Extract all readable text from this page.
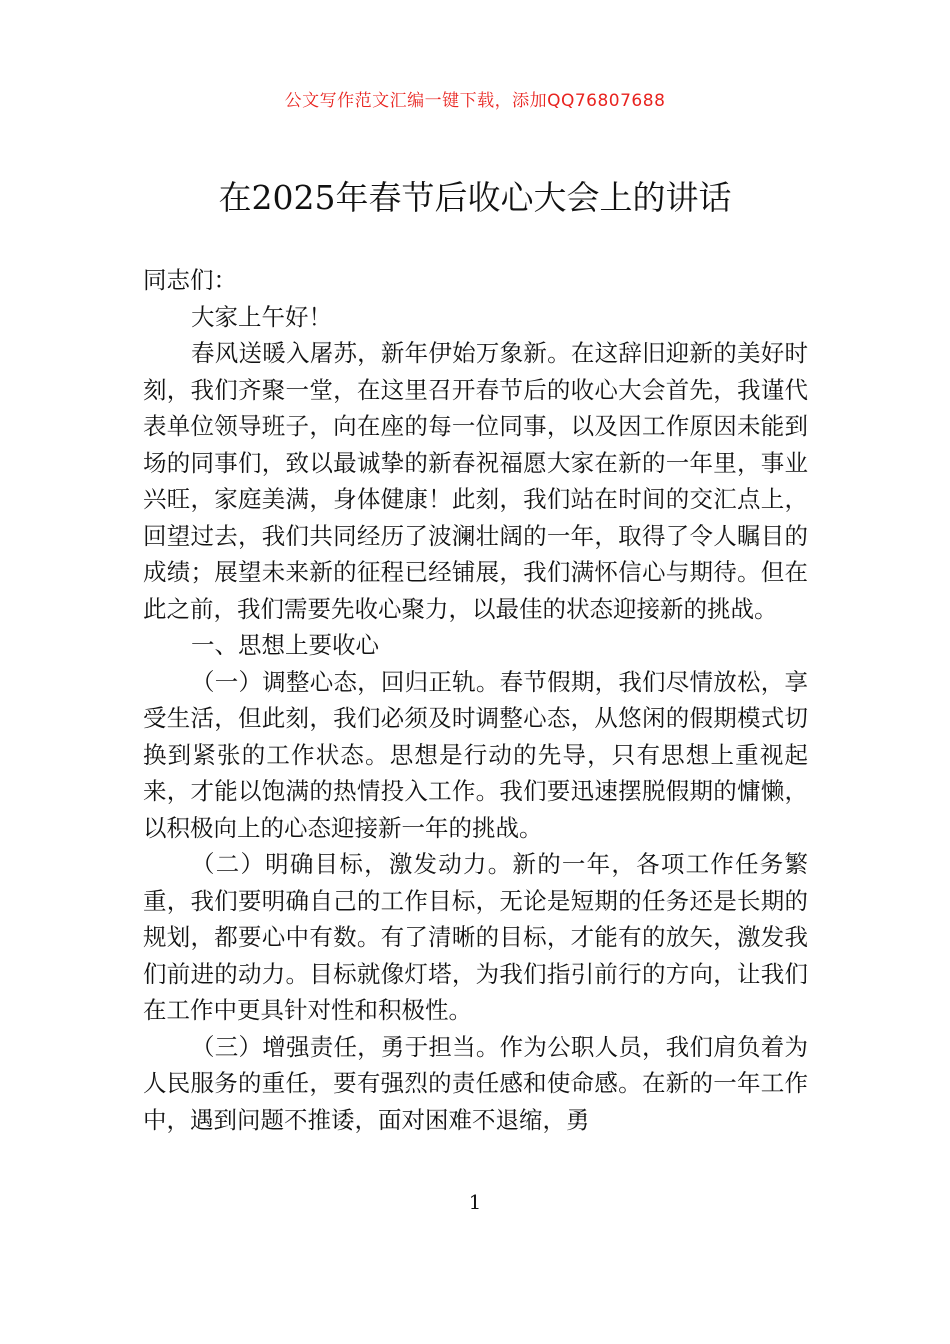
公文写作范文汇编一键下载，添加QQ76807688
在2025年春节后收心大会上的讲话

同志们：

大家上午好！

春风送暖入屠苏，新年伊始万象新。在这辞旧迎新的美好时刻，我们齐聚一堂，在这里召开春节后的收心大会首先，我谨代表单位领导班子，向在座的每一位同事，以及因工作原因未能到场的同事们，致以最诚挚的新春祝福愿大家在新的一年里，事业兴旺，家庭美满，身体健康！此刻，我们站在时间的交汇点上，回望过去，我们共同经历了波澜壮阔的一年，取得了令人瞩目的成绩；展望未来新的征程已经铺展，我们满怀信心与期待。但在此之前，我们需要先收心聚力，以最佳的状态迎接新的挑战。

一、思想上要收心

（一）调整心态，回归正轨。春节假期，我们尽情放松，享受生活，但此刻，我们必须及时调整心态，从悠闲的假期模式切换到紧张的工作状态。思想是行动的先导，只有思想上重视起来，才能以饱满的热情投入工作。我们要迅速摆脱假期的慵懒，以积极向上的心态迎接新一年的挑战。

（二）明确目标，激发动力。新的一年，各项工作任务繁重，我们要明确自己的工作目标，无论是短期的任务还是长期的规划，都要心中有数。有了清晰的目标，才能有的放矢，激发我们前进的动力。目标就像灯塔，为我们指引前行的方向，让我们在工作中更具针对性和积极性。

（三）增强责任，勇于担当。作为公职人员，我们肩负着为人民服务的重任，要有强烈的责任感和使命感。在新的一年工作中，遇到问题不推诿，面对困难不退缩，勇

1
